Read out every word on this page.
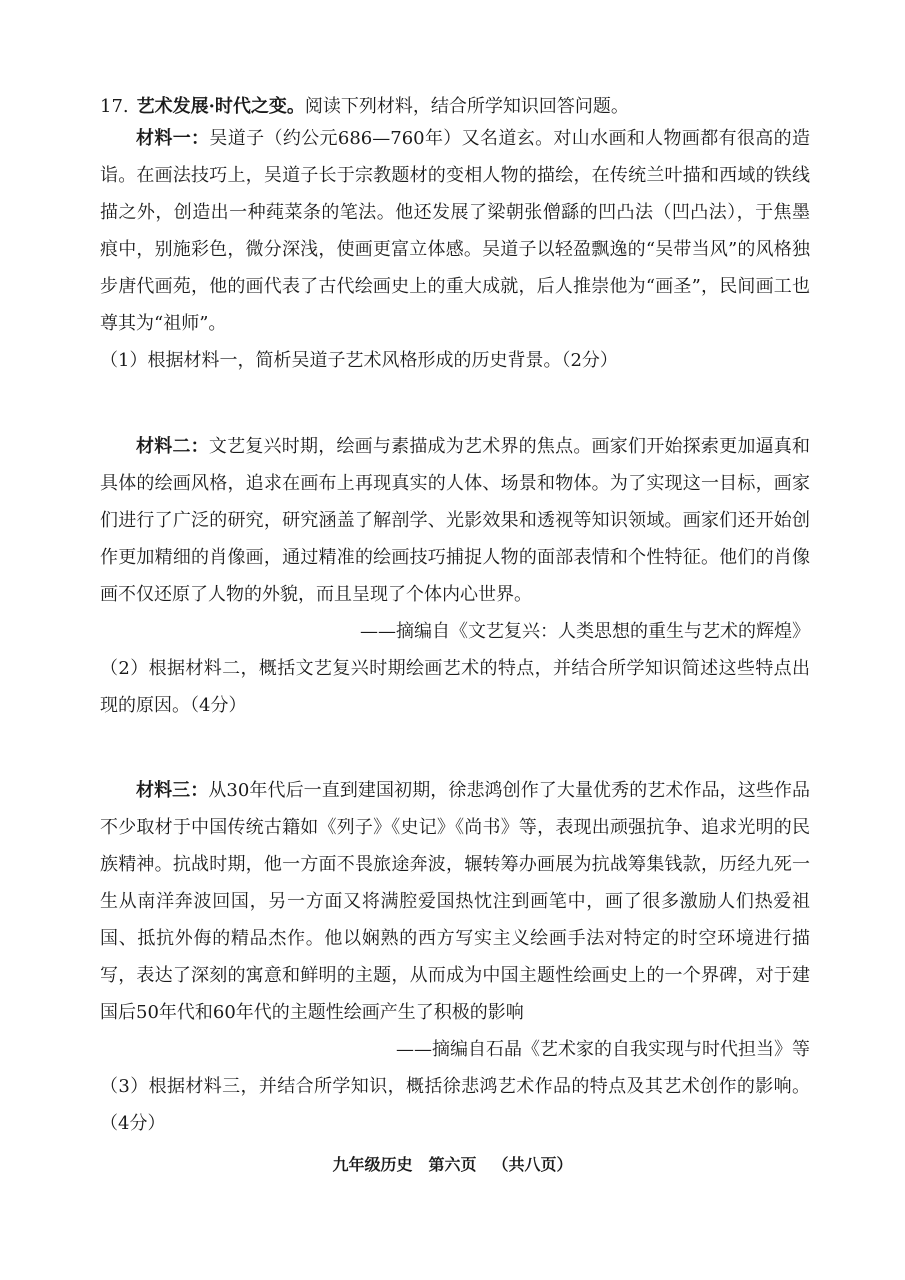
17. 艺术发展·时代之变。阅读下列材料，结合所学知识回答问题。

材料一：吴道子（约公元686—760年）又名道玄。对山水画和人物画都有很高的造诣。在画法技巧上，吴道子长于宗教题材的变相人物的描绘，在传统兰叶描和西域的铁线描之外，创造出一种莼菜条的笔法。他还发展了梁朝张僧繇的凹凸法（凹凸法），于焦墨痕中，别施彩色，微分深浅，使画更富立体感。吴道子以轻盈飘逸的“吴带当风”的风格独步唐代画苑，他的画代表了古代绘画史上的重大成就，后人推崇他为“画圣”，民间画工也尊其为“祖师”。

（1）根据材料一，简析吴道子艺术风格形成的历史背景。（2分）

材料二：文艺复兴时期，绘画与素描成为艺术界的焦点。画家们开始探索更加逼真和具体的绘画风格，追求在画布上再现真实的人体、场景和物体。为了实现这一目标，画家们进行了广泛的研究，研究涵盖了解剖学、光影效果和透视等知识领域。画家们还开始创作更加精细的肖像画，通过精准的绘画技巧捕捉人物的面部表情和个性特征。他们的肖像画不仅还原了人物的外貌，而且呈现了个体内心世界。

——摘编自《文艺复兴：人类思想的重生与艺术的辉煌》

（2）根据材料二，概括文艺复兴时期绘画艺术的特点，并结合所学知识简述这些特点出现的原因。（4分）

材料三：从30年代后一直到建国初期，徐悲鸿创作了大量优秀的艺术作品，这些作品不少取材于中国传统古籍如《列子》《史记》《尚书》等，表现出顽强抗争、追求光明的民族精神。抗战时期，他一方面不畏旅途奔波，辗转筹办画展为抗战筹集钱款，历经九死一生从南洋奔波回国，另一方面又将满腔爱国热忱注到画笔中，画了很多激励人们热爱祖国、抵抗外侮的精品杰作。他以娴熟的西方写实主义绘画手法对特定的时空环境进行描写，表达了深刻的寓意和鲜明的主题，从而成为中国主题性绘画史上的一个界碑，对于建国后50年代和60年代的主题性绘画产生了积极的影响

——摘编自石晶《艺术家的自我实现与时代担当》等

（3）根据材料三，并结合所学知识，概括徐悲鸿艺术作品的特点及其艺术创作的影响。（4分）

九年级历史 第六页 （共八页）
